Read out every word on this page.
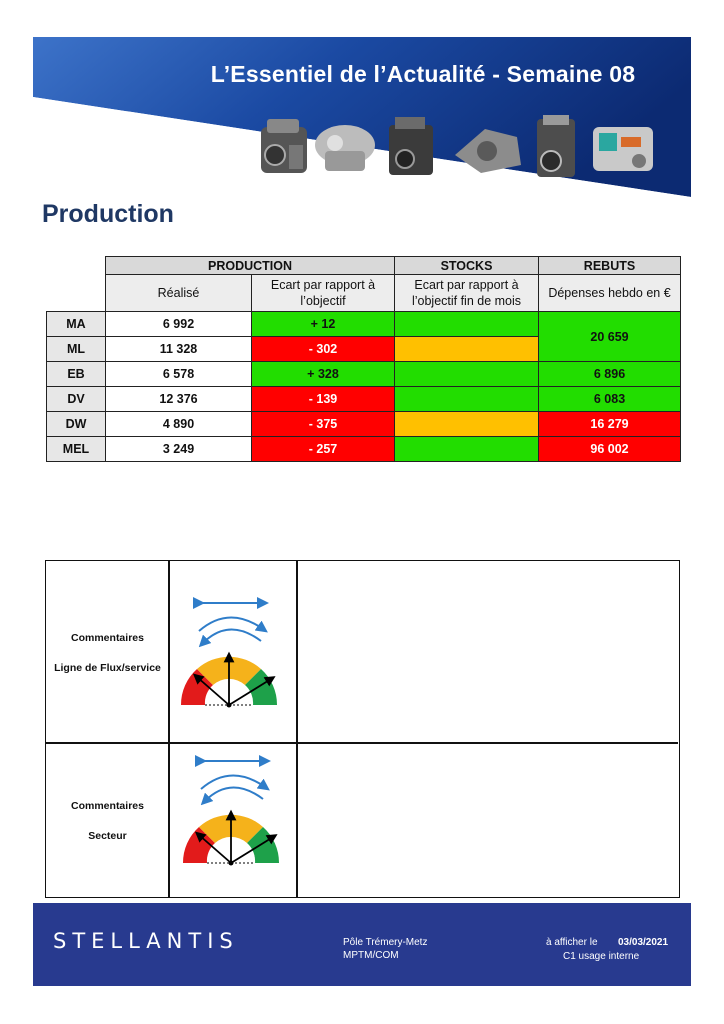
L’Essentiel de l’Actualité - Semaine 08
Production
	PRODUCTION		STOCKS	REBUTS
	Réalisé	Ecart par rapport à l’objectif	Ecart par rapport à l’objectif fin de mois	Dépenses hebdo en €
MA	6 992	+ 12		20 659
ML	11 328	- 302		
EB	6 578	+ 328		6 896
DV	12 376	- 139		6 083
DW	4 890	- 375		16 279
MEL	3 249	- 257		96 002
Commentaires
Ligne de Flux/service
Commentaires
Secteur
STELLANTIS	Pôle Trémery-Metz
MPTM/COM
à afficher le 03/03/2021
C1 usage interne
